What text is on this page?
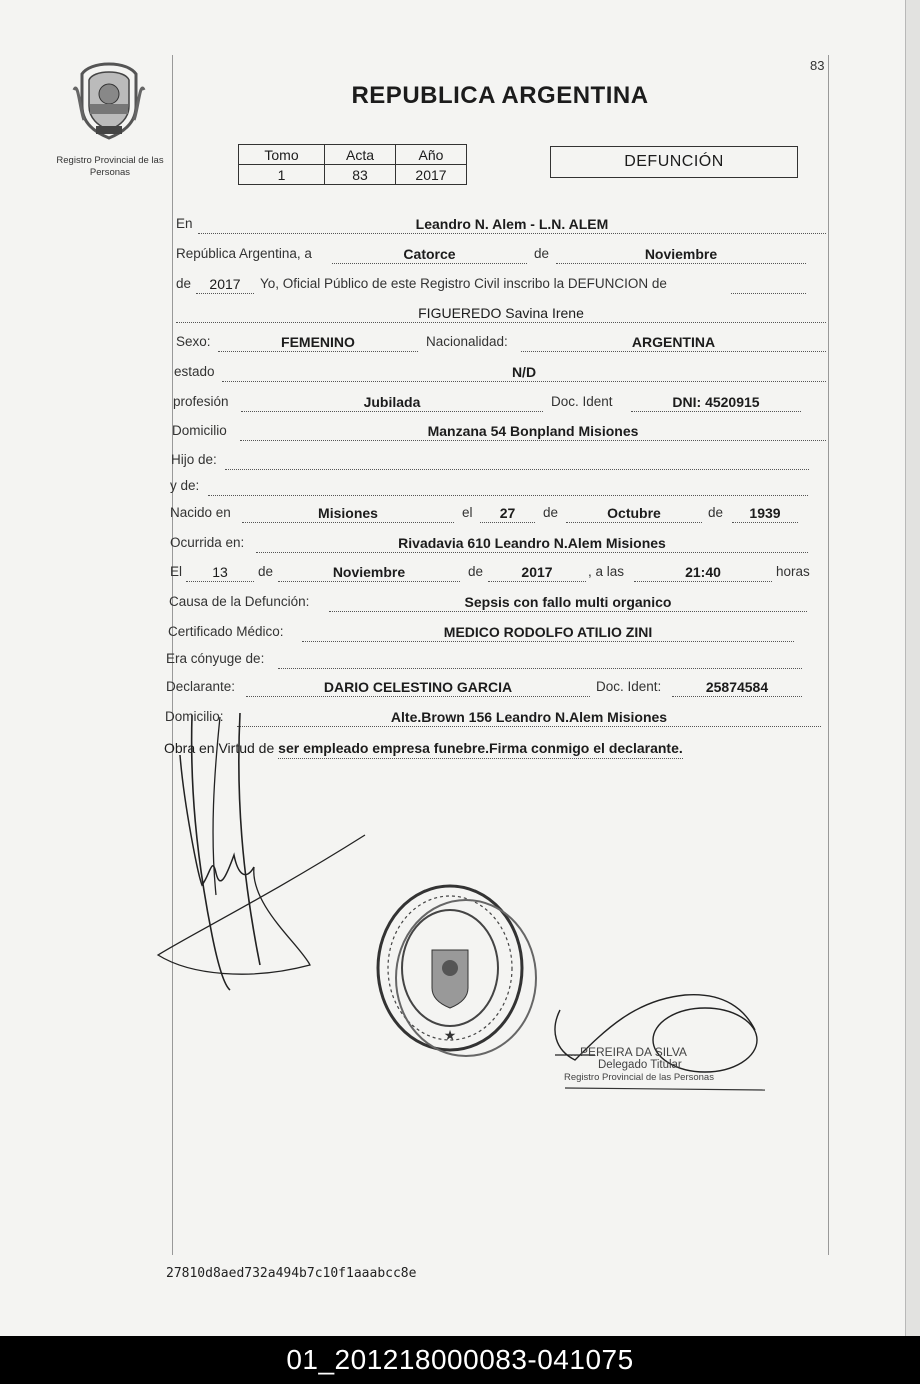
83
Registro Provincial de las Personas
REPUBLICA ARGENTINA
Tomo	Acta	Año
1	83	2017
DEFUNCIÓN
En	Leandro N. Alem - L.N. ALEM
República Argentina, a	Catorce	de	Noviembre
de	2017	Yo, Oficial Público de este Registro Civil inscribo la DEFUNCION de
FIGUEREDO Savina Irene
Sexo:	FEMENINO	Nacionalidad:	ARGENTINA
estado	N/D
profesión	Jubilada	Doc. Ident	DNI: 4520915
Domicilio	Manzana 54 Bonpland Misiones
Hijo de:
y de:
Nacido en	Misiones	el	27	de	Octubre	de	1939
Ocurrida en:	Rivadavia 610 Leandro N.Alem Misiones
El	13	de	Noviembre	de	2017	, a las	21:40	horas
Causa de la Defunción:	Sepsis con fallo multi organico
Certificado Médico:	MEDICO RODOLFO ATILIO ZINI
Era cónyuge de:
Declarante:	DARIO CELESTINO GARCIA	Doc. Ident:	25874584
Domicilio:	Alte.Brown 156 Leandro N.Alem Misiones
Obra en Virtud de ser empleado empresa funebre.Firma conmigo el declarante.
★
...PEREIRA DA SILVA
Delegado Titular
Registro Provincial de las Personas
27810d8aed732a494b7c10f1aaabcc8e
01_201218000083-041075
